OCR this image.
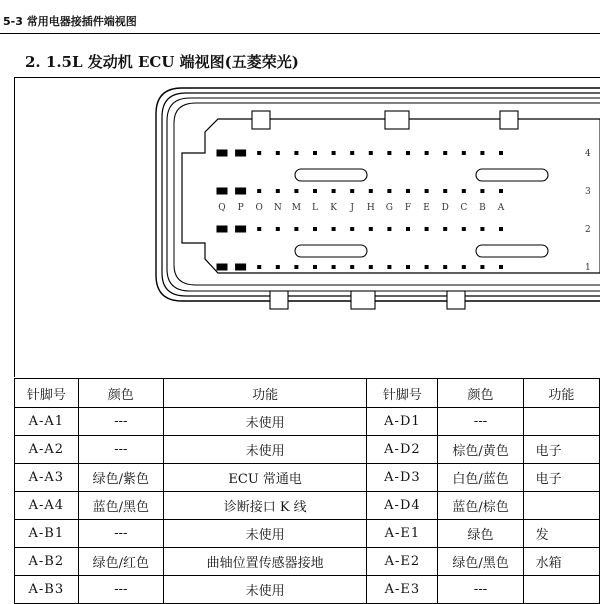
5-3 常用电器接插件端视图
2. 1.5L 发动机 ECU 端视图(五菱荣光)
Q P O N M L K J H G F E D C B A
4
3
2
1
针脚号	颜色	功能	针脚号	颜色	功能
A-A1	---	未使用	A-D1	---	
A-A2	---	未使用	A-D2	棕色/黄色	电子
A-A3	绿色/紫色	ECU 常通电	A-D3	白色/蓝色	电子
A-A4	蓝色/黑色	诊断接口 K 线	A-D4	蓝色/棕色	
A-B1	---	未使用	A-E1	绿色	发
A-B2	绿色/红色	曲轴位置传感器接地	A-E2	绿色/黑色	水箱
A-B3	---	未使用	A-E3	---	
